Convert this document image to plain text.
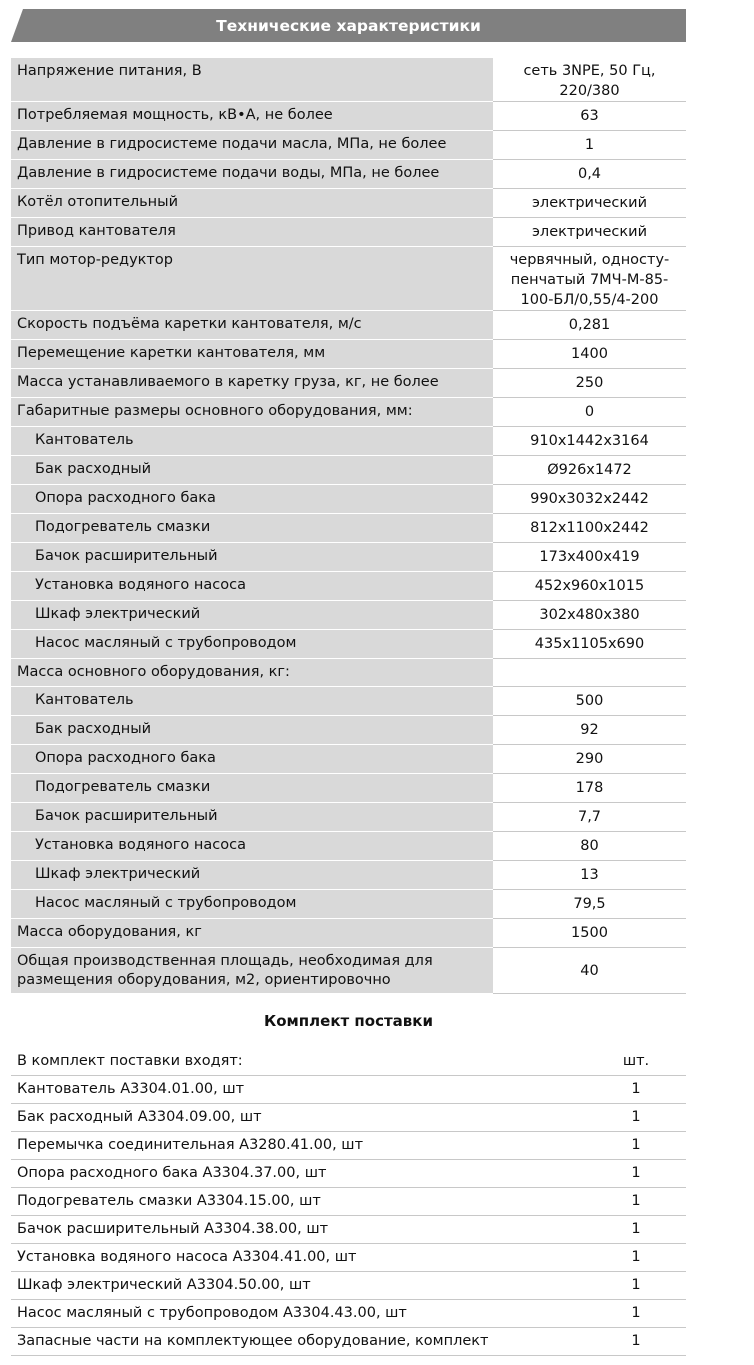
Технические характеристики
Напряжение питания, В	сеть 3NPE, 50 Гц,
220/380
Потребляемая мощность, кВ•А, не более	63
Давление в гидросистеме подачи масла, МПа, не более	1
Давление в гидросистеме подачи воды, МПа, не более	0,4
Котёл отопительный	электрический
Привод кантователя	электрический
Тип мотор-редуктор	червячный, односту-
пенчатый 7МЧ-М-85-
100-БЛ/0,55/4-200
Скорость подъёма каретки кантователя, м/с	0,281
Перемещение каретки кантователя, мм	1400
Масса устанавливаемого в каретку груза, кг, не более	250
Габаритные размеры основного оборудования, мм:	0
Кантователь	910x1442x3164
Бак расходный	Ø926x1472
Опора расходного бака	990x3032x2442
Подогреватель смазки	812x1100x2442
Бачок расширительный	173x400x419
Установка водяного насоса	452x960x1015
Шкаф электрический	302x480x380
Насос масляный с трубопроводом	435x1105x690
Масса основного оборудования, кг:	
Кантователь	500
Бак расходный	92
Опора расходного бака	290
Подогреватель смазки	178
Бачок расширительный	7,7
Установка водяного насоса	80
Шкаф электрический	13
Насос масляный с трубопроводом	79,5
Масса оборудования, кг	1500
Общая производственная площадь, необходимая для
размещения оборудования, м2, ориентировочно	40
Комплект поставки
В комплект поставки входят:	шт.
Кантователь А3304.01.00, шт	1
Бак расходный А3304.09.00, шт	1
Перемычка соединительная А3280.41.00, шт	1
Опора расходного бака А3304.37.00, шт	1
Подогреватель смазки А3304.15.00, шт	1
Бачок расширительный А3304.38.00, шт	1
Установка водяного насоса А3304.41.00, шт	1
Шкаф электрический А3304.50.00, шт	1
Насос масляный с трубопроводом А3304.43.00, шт	1
Запасные части на комплектующее оборудование, комплект	1
